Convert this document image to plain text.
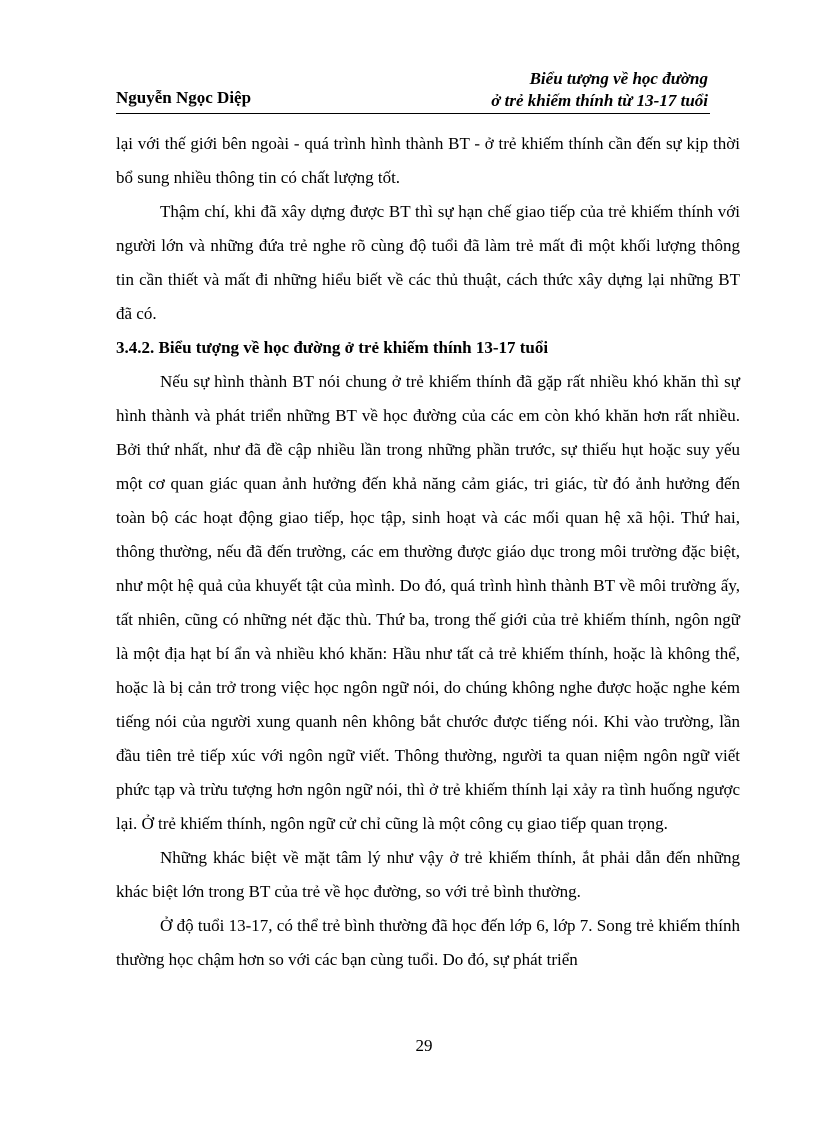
Nguyễn Ngọc Diệp
Biểu tượng về học đường
ở trẻ khiếm thính từ 13-17 tuổi

lại với thế giới bên ngoài - quá trình hình thành BT - ở trẻ khiếm thính cần đến sự kịp thời bổ sung nhiều thông tin có chất lượng tốt.

Thậm chí, khi đã xây dựng được BT thì sự hạn chế giao tiếp của trẻ khiếm thính với người lớn và những đứa trẻ nghe rõ cùng độ tuổi đã làm trẻ mất đi một khối lượng thông tin cần thiết và mất đi những hiểu biết về các thủ thuật, cách thức xây dựng lại những BT đã có.

3.4.2. Biểu tượng về học đường ở trẻ khiếm thính 13-17 tuổi

Nếu sự hình thành BT nói chung ở trẻ khiếm thính đã gặp rất nhiều khó khăn thì sự hình thành và phát triển những BT về học đường của các em còn khó khăn hơn rất nhiều. Bởi thứ nhất, như đã đề cập nhiều lần trong những phần trước, sự thiếu hụt hoặc suy yếu một cơ quan giác quan ảnh hưởng đến khả năng cảm giác, tri giác, từ đó ảnh hưởng đến toàn bộ các hoạt động giao tiếp, học tập, sinh hoạt và các mối quan hệ xã hội. Thứ hai, thông thường, nếu đã đến trường, các em thường được giáo dục trong môi trường đặc biệt, như một hệ quả của khuyết tật của mình. Do đó, quá trình hình thành BT về môi trường ấy, tất nhiên, cũng có những nét đặc thù. Thứ ba, trong thế giới của trẻ khiếm thính, ngôn ngữ là một địa hạt bí ẩn và nhiều khó khăn: Hầu như tất cả trẻ khiếm thính, hoặc là không thể, hoặc là bị cản trở trong việc học ngôn ngữ nói, do chúng không nghe được hoặc nghe kém tiếng nói của người xung quanh nên không bắt chước được tiếng nói. Khi vào trường, lần đầu tiên trẻ tiếp xúc với ngôn ngữ viết. Thông thường, người ta quan niệm ngôn ngữ viết phức tạp và trừu tượng hơn ngôn ngữ nói, thì ở trẻ khiếm thính lại xảy ra tình huống ngược lại. Ở trẻ khiếm thính, ngôn ngữ cử chỉ cũng là một công cụ giao tiếp quan trọng.

Những khác biệt về mặt tâm lý như vậy ở trẻ khiếm thính, ắt phải dẫn đến những khác biệt lớn trong BT của trẻ về học đường, so với trẻ bình thường.

Ở độ tuổi 13-17, có thể trẻ bình thường đã học đến lớp 6, lớp 7. Song trẻ khiếm thính thường học chậm hơn so với các bạn cùng tuổi. Do đó, sự phát triển

29
